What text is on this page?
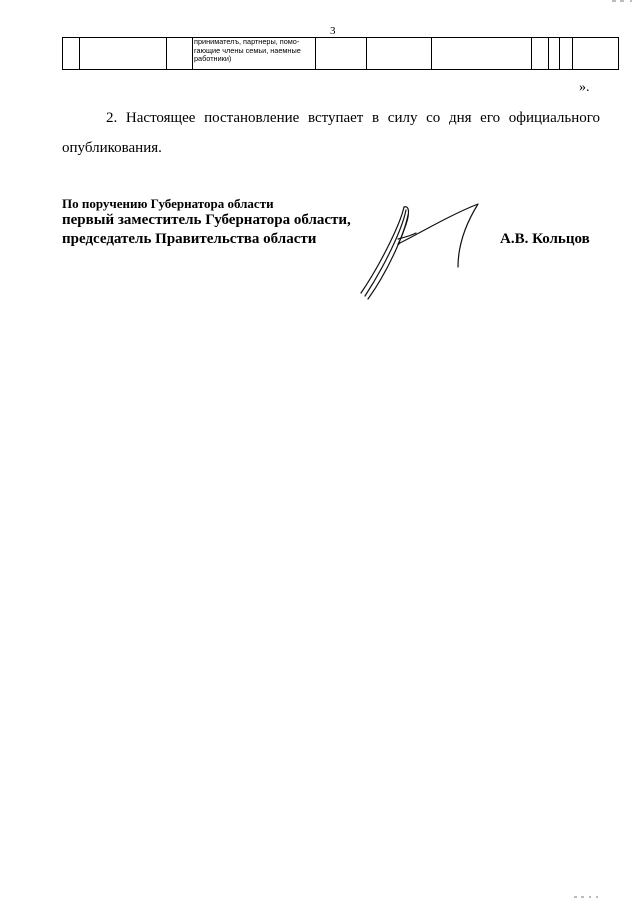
3

принимателъ, партнеры, помо-
гающие члены семьи, наемные
работники)

».

2. Настоящее постановление вступает в силу со дня его официального опубликования.

По поручению Губернатора области
первый заместитель Губернатора области,
председатель Правительства области	А.В. Кольцов
